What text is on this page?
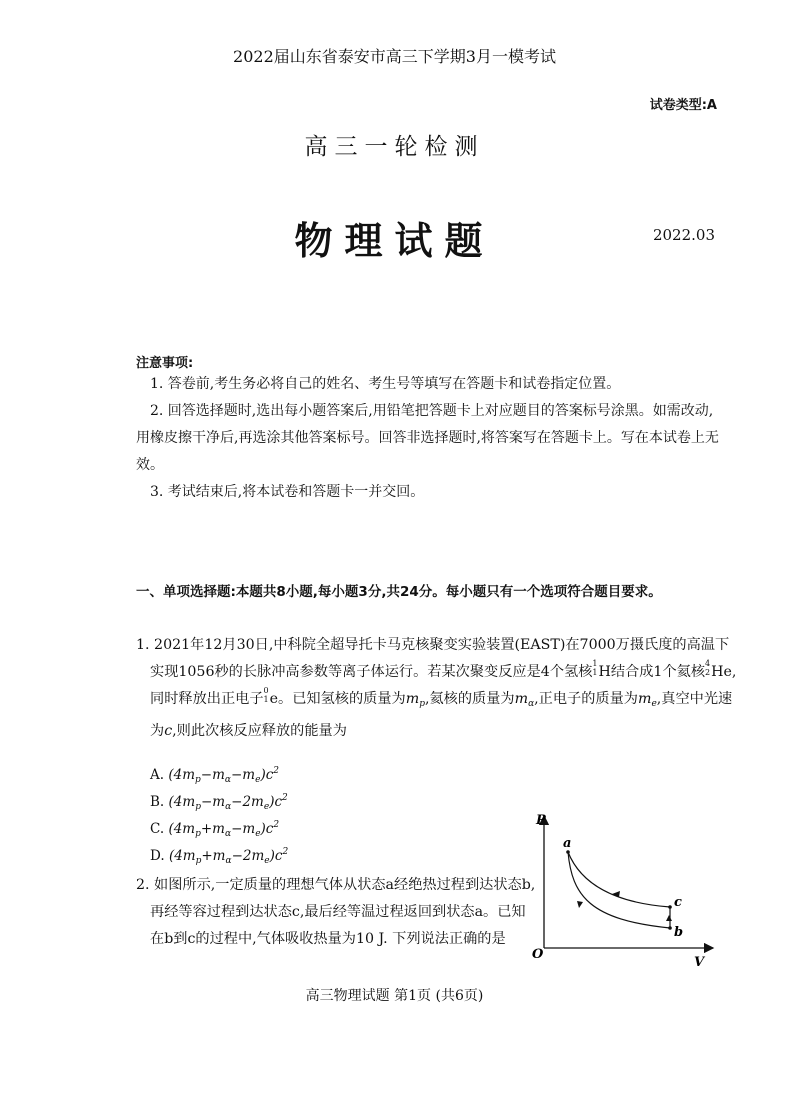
2022届山东省泰安市高三下学期3月一模考试
试卷类型:A
高三一轮检测
物理试题	2022.03
注意事项:
1. 答卷前,考生务必将自己的姓名、考生号等填写在答题卡和试卷指定位置。
2. 回答选择题时,选出每小题答案后,用铅笔把答题卡上对应题目的答案标号涂黑。如需改动,用橡皮擦干净后,再选涂其他答案标号。回答非选择题时,将答案写在答题卡上。写在本试卷上无效。
3. 考试结束后,将本试卷和答题卡一并交回。
一、单项选择题:本题共8小题,每小题3分,共24分。每小题只有一个选项符合题目要求。
1. 2021年12月30日,中科院全超导托卡马克核聚变实验装置(EAST)在7000万摄氏度的高温下实现1056秒的长脉冲高参数等离子体运行。若某次聚变反应是4个氢核1
1H结合成1个氦核4
2He,同时释放出正电子0
1e。已知氢核的质量为$m_p$,氦核的质量为$m_\alpha$,正电子的质量为$m_e$,真空中光速为c,则此次核反应释放的能量为
A. $(4m_p-m_\alpha-m_e)c^2$
B. $(4m_p-m_\alpha-2m_e)c^2$
C. $(4m_p+m_\alpha-m_e)c^2$
D. $(4m_p+m_\alpha-2m_e)c^2$
2. 如图所示,一定质量的理想气体从状态a经绝热过程到达状态b,再经等容过程到达状态c,最后经等温过程返回到状态a。已知在b到c的过程中,气体吸收热量为10 J. 下列说法正确的是
P
V
O
a
b
c
高三物理试题 第1页 (共6页)
